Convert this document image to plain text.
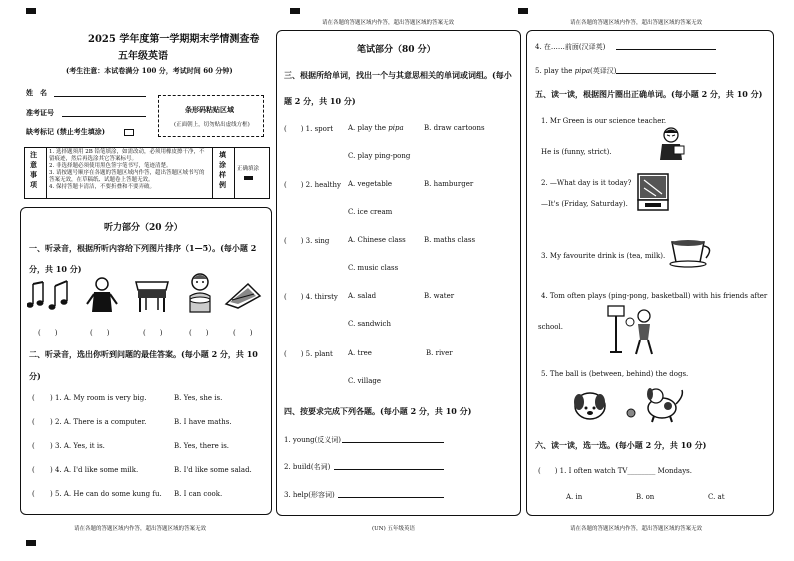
请在各题的答题区域内作答，超出答题区域的答案无效	请在各题的答题区域内作答，超出答题区域的答案无效
2025 学年度第一学期期末学情测查卷
五年级英语
(考生注意：本试卷满分 100 分，考试时间 60 分钟)
姓　名
准考证号
缺考标记 (禁止考生填涂)
条形码粘贴区域
(正面朝上，切勿贴出虚线方框)
注意事项
1. 选择题须用 2B 铅笔填涂，如需改动，必须用橡皮擦干净，不留痕迹，然后再选涂其它答案标号。
2. 非选择题必须使用黑色签字笔书写，笔迹清楚。
3. 请按题号顺序在各题的答题区域内作答，超出答题区域书写的答案无效，在草稿纸、试题卷上答题无效。
4. 保持答题卡清洁，不要折叠和不要弄破。
填涂样例
正确填涂
听力部分（20 分）
一、听录音，根据所听内容给下列图片排序（1—5）。(每小题 2
分，共 10 分)
(　　)	(　　)	(　　)	(　　)	(　　)
二、听录音，选出你听到问题的最佳答案。(每小题 2 分，共 10
分)
( ) 1. A. My room is very big.	B. Yes, she is.
( ) 2. A. There is a computer.	B. I have maths.
( ) 3. A. Yes, it is.	B. Yes, there is.
( ) 4. A. I'd like some milk.	B. I'd like some salad.
( ) 5. A. He can do some kung fu. B. I can cook.
请在各题的答题区域内作答，超出答题区域的答案无效
笔试部分（80 分）
三、根据所给单词，找出一个与其意思相关的单词或词组。(每小
题 2 分，共 10 分)
(　　) 1. sport A. play the pipa	B. draw cartoons
C. play ping-pong
(　　) 2. healthy A. vegetable	B. hamburger
C. ice cream
(　　) 3. sing	A. Chinese class	B. maths class
C. music class
(　　) 4. thirsty A. salad	B. water
C. sandwich
(　　) 5. plant A. tree	B. river
C. village
四、按要求完成下列各题。(每小题 2 分，共 10 分)
1. young(反义词)
2. build(名词)
3. help(形容词)
(UN) 五年级英语
4. 在……前面(汉译英)
5. play the pipa(英译汉)
五、读一读，根据图片圈出正确单词。(每小题 2 分，共 10 分)
1. Mr Green is our science teacher.
He is (funny, strict).
2. —What day is it today?
—It's (Friday, Saturday).
3. My favourite drink is (tea, milk).
4. Tom often plays (ping-pong, basketball) with his friends after
school.
5. The ball is (between, behind) the dogs.
六、读一读，选一选。(每小题 2 分，共 10 分)
(　　) 1. I often watch TV________ Mondays.
A. in	B. on	C. at
请在各题的答题区域内作答，超出答题区域的答案无效
